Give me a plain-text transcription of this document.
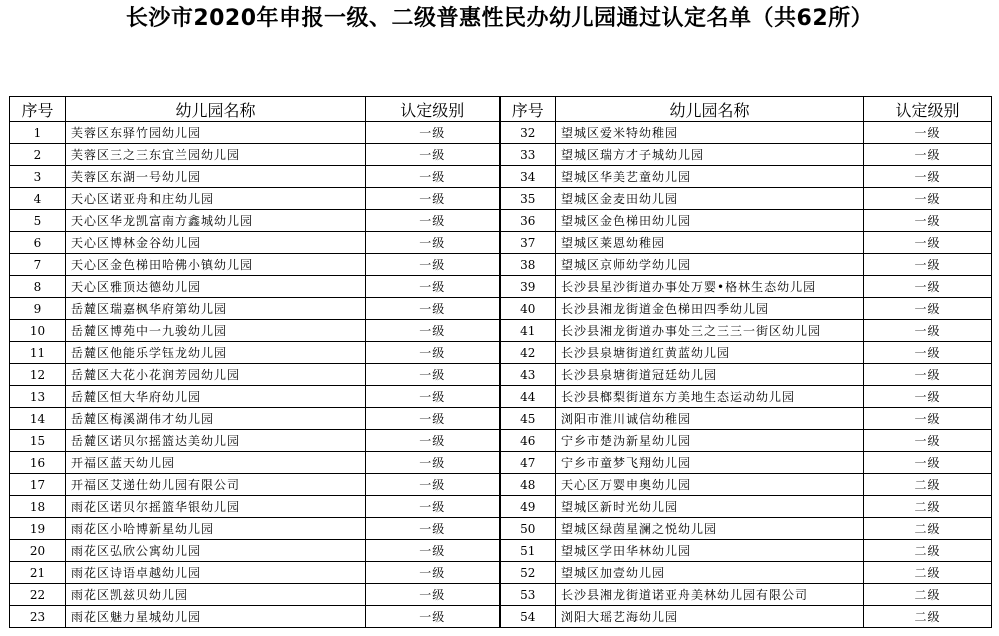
长沙市2020年申报一级、二级普惠性民办幼儿园通过认定名单（共62所）
序号	幼儿园名称	认定级别	序号	幼儿园名称	认定级别
1	芙蓉区东驿竹园幼儿园	一级	32	望城区爱米特幼稚园	一级
2	芙蓉区三之三东宜兰园幼儿园	一级	33	望城区瑞方才子城幼儿园	一级
3	芙蓉区东湖一号幼儿园	一级	34	望城区华美艺童幼儿园	一级
4	天心区诺亚舟和庄幼儿园	一级	35	望城区金麦田幼儿园	一级
5	天心区华龙凯富南方鑫城幼儿园	一级	36	望城区金色梯田幼儿园	一级
6	天心区博林金谷幼儿园	一级	37	望城区莱恩幼稚园	一级
7	天心区金色梯田哈佛小镇幼儿园	一级	38	望城区京师幼学幼儿园	一级
8	天心区雅顶达德幼儿园	一级	39	长沙县星沙街道办事处万婴•格林生态幼儿园	一级
9	岳麓区瑞嘉枫华府第幼儿园	一级	40	长沙县湘龙街道金色梯田四季幼儿园	一级
10	岳麓区博苑中一九骏幼儿园	一级	41	长沙县湘龙街道办事处三之三三一街区幼儿园	一级
11	岳麓区他能乐学钰龙幼儿园	一级	42	长沙县泉塘街道红黄蓝幼儿园	一级
12	岳麓区大花小花润芳园幼儿园	一级	43	长沙县泉塘街道冠廷幼儿园	一级
13	岳麓区恒大华府幼儿园	一级	44	长沙县榔梨街道东方美地生态运动幼儿园	一级
14	岳麓区梅溪湖伟才幼儿园	一级	45	浏阳市淮川诚信幼稚园	一级
15	岳麓区诺贝尔摇篮达美幼儿园	一级	46	宁乡市楚沩新星幼儿园	一级
16	开福区蓝天幼儿园	一级	47	宁乡市童梦飞翔幼儿园	一级
17	开福区艾递仕幼儿园有限公司	一级	48	天心区万婴申奥幼儿园	二级
18	雨花区诺贝尔摇篮华银幼儿园	一级	49	望城区新时光幼儿园	二级
19	雨花区小哈博新星幼儿园	一级	50	望城区绿茵星澜之悦幼儿园	二级
20	雨花区弘欣公寓幼儿园	一级	51	望城区学田华林幼儿园	二级
21	雨花区诗语卓越幼儿园	一级	52	望城区加壹幼儿园	二级
22	雨花区凯兹贝幼儿园	一级	53	长沙县湘龙街道诺亚舟美林幼儿园有限公司	二级
23	雨花区魅力星城幼儿园	一级	54	浏阳大瑶艺海幼儿园	二级
